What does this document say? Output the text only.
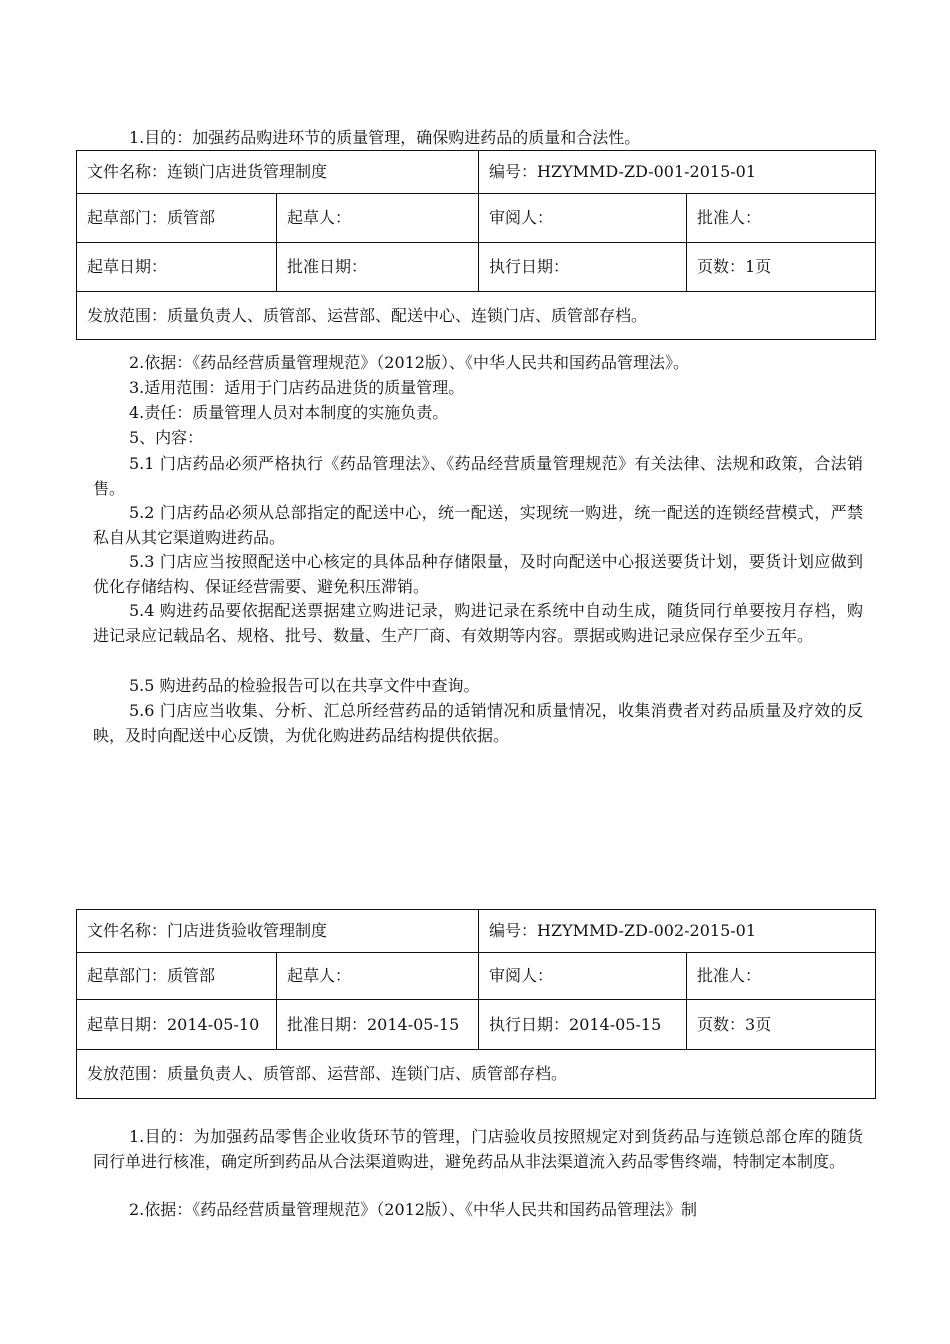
1.目的：加强药品购进环节的质量管理，确保购进药品的质量和合法性。

文件名称：连锁门店进货管理制度		编号：HZYMMD-ZD-001-2015-01	
起草部门：质管部	起草人：	审阅人：	批准人：
起草日期：	批准日期：	执行日期：	页数：1页
发放范围：质量负责人、质管部、运营部、配送中心、连锁门店、质管部存档。			

2.依据：《药品经营质量管理规范》（2012版）、《中华人民共和国药品管理法》。

3.适用范围：适用于门店药品进货的质量管理。

4.责任：质量管理人员对本制度的实施负责。

5、内容：

5.1 门店药品必须严格执行《药品管理法》、《药品经营质量管理规范》有关法律、法规和政策，合法销售。

5.2 门店药品必须从总部指定的配送中心，统一配送，实现统一购进，统一配送的连锁经营模式，严禁私自从其它渠道购进药品。

5.3 门店应当按照配送中心核定的具体品种存储限量，及时向配送中心报送要货计划，要货计划应做到优化存储结构、保证经营需要、避免积压滞销。

5.4 购进药品要依据配送票据建立购进记录，购进记录在系统中自动生成，随货同行单要按月存档，购进记录应记载品名、规格、批号、数量、生产厂商、有效期等内容。票据或购进记录应保存至少五年。

5.5 购进药品的检验报告可以在共享文件中查询。

5.6 门店应当收集、分析、汇总所经营药品的适销情况和质量情况，收集消费者对药品质量及疗效的反映，及时向配送中心反馈，为优化购进药品结构提供依据。

文件名称：门店进货验收管理制度		编号：HZYMMD-ZD-002-2015-01	
起草部门：质管部	起草人：	审阅人：	批准人：
起草日期：2014-05-10	批准日期：2014-05-15	执行日期：2014-05-15	页数：3页
发放范围：质量负责人、质管部、运营部、连锁门店、质管部存档。			

1.目的：为加强药品零售企业收货环节的管理，门店验收员按照规定对到货药品与连锁总部仓库的随货同行单进行核准，确定所到药品从合法渠道购进，避免药品从非法渠道流入药品零售终端，特制定本制度。

2.依据：《药品经营质量管理规范》（2012版）、《中华人民共和国药品管理法》制
